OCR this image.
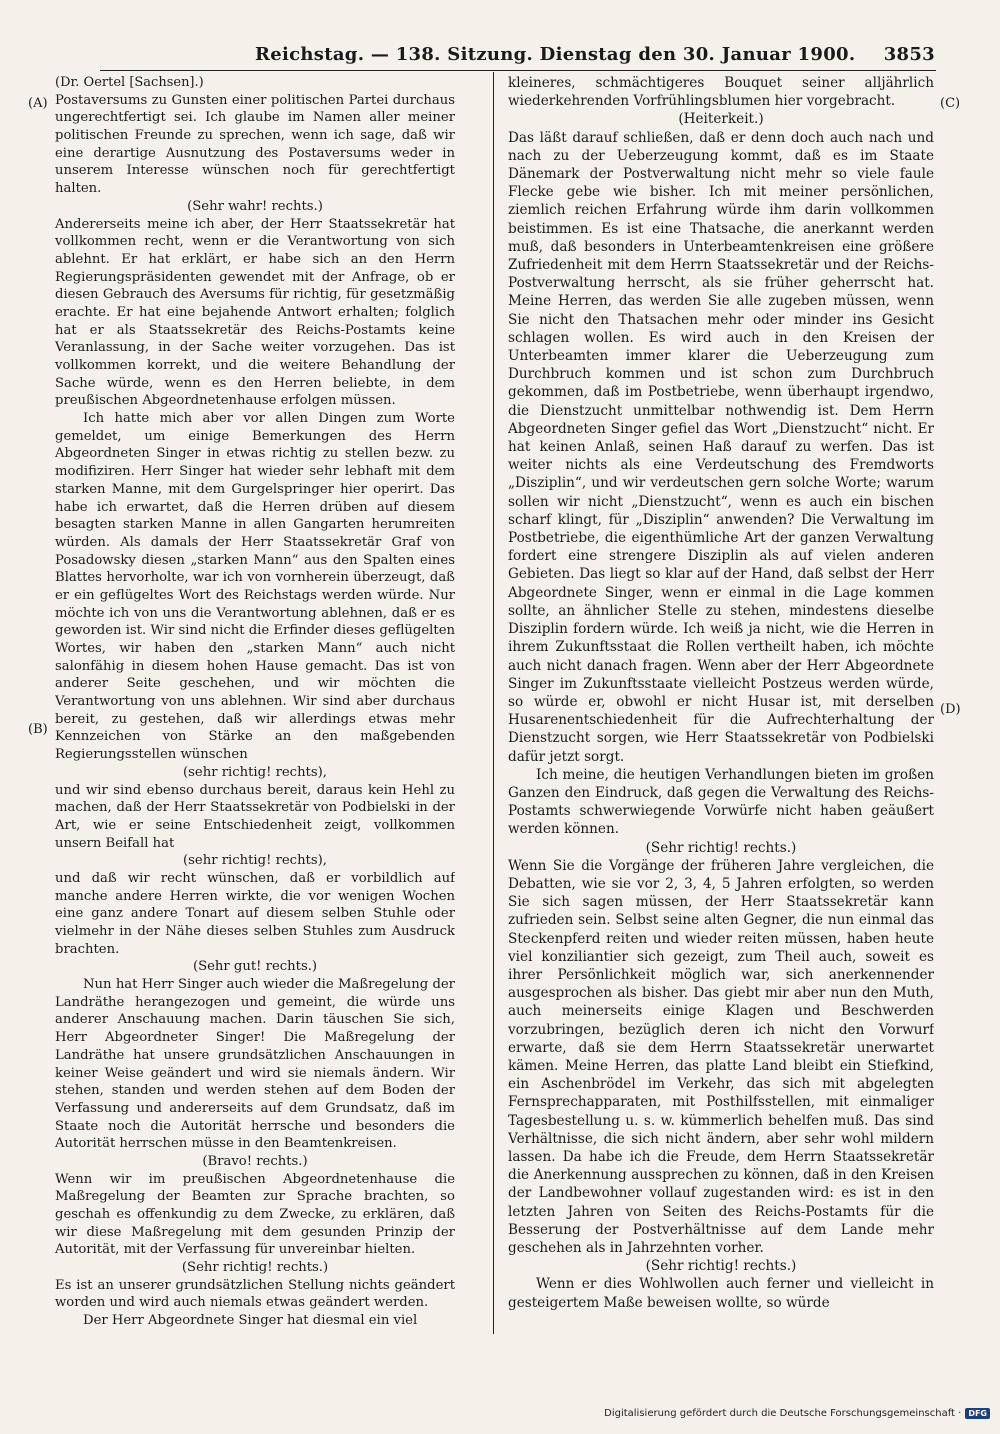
Reichstag. — 138. Sitzung. Dienstag den 30. Januar 1900. 3853
(A)
(B)
(C)
(D)

(Dr. Oertel [Sachsen].)

Postaversums zu Gunsten einer politischen Partei durchaus ungerechtfertigt sei. Ich glaube im Namen aller meiner politischen Freunde zu sprechen, wenn ich sage, daß wir eine derartige Ausnutzung des Postaversums weder in unserem Interesse wünschen noch für gerechtfertigt halten.

(Sehr wahr! rechts.)

Andererseits meine ich aber, der Herr Staatssekretär hat vollkommen recht, wenn er die Verantwortung von sich ablehnt. Er hat erklärt, er habe sich an den Herrn Regierungspräsidenten gewendet mit der Anfrage, ob er diesen Gebrauch des Aversums für richtig, für gesetzmäßig erachte. Er hat eine bejahende Antwort erhalten; folglich hat er als Staatssekretär des Reichs-Postamts keine Veranlassung, in der Sache weiter vorzugehen. Das ist vollkommen korrekt, und die weitere Behandlung der Sache würde, wenn es den Herren beliebte, in dem preußischen Abgeordnetenhause erfolgen müssen.

Ich hatte mich aber vor allen Dingen zum Worte gemeldet, um einige Bemerkungen des Herrn Abgeordneten Singer in etwas richtig zu stellen bezw. zu modifiziren. Herr Singer hat wieder sehr lebhaft mit dem starken Manne, mit dem Gurgelspringer hier operirt. Das habe ich erwartet, daß die Herren drüben auf diesem besagten starken Manne in allen Gangarten herumreiten würden. Als damals der Herr Staatssekretär Graf von Posadowsky diesen „starken Mann“ aus den Spalten eines Blattes hervorholte, war ich von vornherein überzeugt, daß er ein geflügeltes Wort des Reichstags werden würde. Nur möchte ich von uns die Verantwortung ablehnen, daß er es geworden ist. Wir sind nicht die Erfinder dieses geflügelten Wortes, wir haben den „starken Mann“ auch nicht salonfähig in diesem hohen Hause gemacht. Das ist von anderer Seite geschehen, und wir möchten die Verantwortung von uns ablehnen. Wir sind aber durchaus bereit, zu gestehen, daß wir allerdings etwas mehr Kennzeichen von Stärke an den maßgebenden Regierungsstellen wünschen

(sehr richtig! rechts),

und wir sind ebenso durchaus bereit, daraus kein Hehl zu machen, daß der Herr Staatssekretär von Podbielski in der Art, wie er seine Entschiedenheit zeigt, vollkommen unsern Beifall hat

(sehr richtig! rechts),

und daß wir recht wünschen, daß er vorbildlich auf manche andere Herren wirkte, die vor wenigen Wochen eine ganz andere Tonart auf diesem selben Stuhle oder vielmehr in der Nähe dieses selben Stuhles zum Ausdruck brachten.

(Sehr gut! rechts.)

Nun hat Herr Singer auch wieder die Maßregelung der Landräthe herangezogen und gemeint, die würde uns anderer Anschauung machen. Darin täuschen Sie sich, Herr Abgeordneter Singer! Die Maßregelung der Landräthe hat unsere grundsätzlichen Anschauungen in keiner Weise geändert und wird sie niemals ändern. Wir stehen, standen und werden stehen auf dem Boden der Verfassung und andererseits auf dem Grundsatz, daß im Staate noch die Autorität herrsche und besonders die Autorität herrschen müsse in den Beamtenkreisen.

(Bravo! rechts.)

Wenn wir im preußischen Abgeordnetenhause die Maßregelung der Beamten zur Sprache brachten, so geschah es offenkundig zu dem Zwecke, zu erklären, daß wir diese Maßregelung mit dem gesunden Prinzip der Autorität, mit der Verfassung für unvereinbar hielten.

(Sehr richtig! rechts.)

Es ist an unserer grundsätzlichen Stellung nichts geändert worden und wird auch niemals etwas geändert werden.

Der Herr Abgeordnete Singer hat diesmal ein viel

kleineres, schmächtigeres Bouquet seiner alljährlich wiederkehrenden Vorfrühlingsblumen hier vorgebracht.

(Heiterkeit.)

Das läßt darauf schließen, daß er denn doch auch nach und nach zu der Ueberzeugung kommt, daß es im Staate Dänemark der Postverwaltung nicht mehr so viele faule Flecke gebe wie bisher. Ich mit meiner persönlichen, ziemlich reichen Erfahrung würde ihm darin vollkommen beistimmen. Es ist eine Thatsache, die anerkannt werden muß, daß besonders in Unterbeamtenkreisen eine größere Zufriedenheit mit dem Herrn Staatssekretär und der Reichs-Postverwaltung herrscht, als sie früher geherrscht hat. Meine Herren, das werden Sie alle zugeben müssen, wenn Sie nicht den Thatsachen mehr oder minder ins Gesicht schlagen wollen. Es wird auch in den Kreisen der Unterbeamten immer klarer die Ueberzeugung zum Durchbruch kommen und ist schon zum Durchbruch gekommen, daß im Postbetriebe, wenn überhaupt irgendwo, die Dienstzucht unmittelbar nothwendig ist. Dem Herrn Abgeordneten Singer gefiel das Wort „Dienstzucht“ nicht. Er hat keinen Anlaß, seinen Haß darauf zu werfen. Das ist weiter nichts als eine Verdeutschung des Fremdworts „Disziplin“, und wir verdeutschen gern solche Worte; warum sollen wir nicht „Dienstzucht“, wenn es auch ein bischen scharf klingt, für „Disziplin“ anwenden? Die Verwaltung im Postbetriebe, die eigenthümliche Art der ganzen Verwaltung fordert eine strengere Disziplin als auf vielen anderen Gebieten. Das liegt so klar auf der Hand, daß selbst der Herr Abgeordnete Singer, wenn er einmal in die Lage kommen sollte, an ähnlicher Stelle zu stehen, mindestens dieselbe Disziplin fordern würde. Ich weiß ja nicht, wie die Herren in ihrem Zukunftsstaat die Rollen vertheilt haben, ich möchte auch nicht danach fragen. Wenn aber der Herr Abgeordnete Singer im Zukunftsstaate vielleicht Postzeus werden würde, so würde er, obwohl er nicht Husar ist, mit derselben Husarenentschiedenheit für die Aufrechterhaltung der Dienstzucht sorgen, wie Herr Staatssekretär von Podbielski dafür jetzt sorgt.

Ich meine, die heutigen Verhandlungen bieten im großen Ganzen den Eindruck, daß gegen die Verwaltung des Reichs-Postamts schwerwiegende Vorwürfe nicht haben geäußert werden können.

(Sehr richtig! rechts.)

Wenn Sie die Vorgänge der früheren Jahre vergleichen, die Debatten, wie sie vor 2, 3, 4, 5 Jahren erfolgten, so werden Sie sich sagen müssen, der Herr Staatssekretär kann zufrieden sein. Selbst seine alten Gegner, die nun einmal das Steckenpferd reiten und wieder reiten müssen, haben heute viel konziliantier sich gezeigt, zum Theil auch, soweit es ihrer Persönlichkeit möglich war, sich anerkennender ausgesprochen als bisher. Das giebt mir aber nun den Muth, auch meinerseits einige Klagen und Beschwerden vorzubringen, bezüglich deren ich nicht den Vorwurf erwarte, daß sie dem Herrn Staatssekretär unerwartet kämen. Meine Herren, das platte Land bleibt ein Stiefkind, ein Aschenbrödel im Verkehr, das sich mit abgelegten Fernsprechapparaten, mit Posthilfsstellen, mit einmaliger Tagesbestellung u. s. w. kümmerlich behelfen muß. Das sind Verhältnisse, die sich nicht ändern, aber sehr wohl mildern lassen. Da habe ich die Freude, dem Herrn Staatssekretär die Anerkennung aussprechen zu können, daß in den Kreisen der Landbewohner vollauf zugestanden wird: es ist in den letzten Jahren von Seiten des Reichs-Postamts für die Besserung der Postverhältnisse auf dem Lande mehr geschehen als in Jahrzehnten vorher.

(Sehr richtig! rechts.)

Wenn er dies Wohlwollen auch ferner und vielleicht in gesteigertem Maße beweisen wollte, so würde

Digitalisierung gefördert durch die Deutsche Forschungsgemeinschaft · DFG
